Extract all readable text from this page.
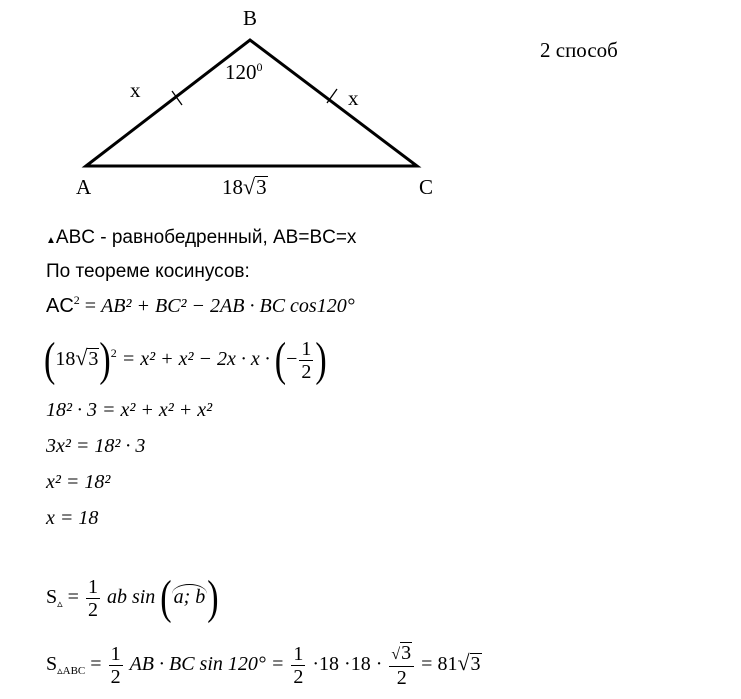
B
A	C
$120^0$
x	x
18√3
2 способ
▲ABC - равнобедренный, AB=BC=x
По теореме косинусов:
$AC^2 = AB^2 + BC^2 - 2AB$ · BC cos120°
$(18√3)^2 = x^2 + x^2 - 2x \cdot x$ · (− $\frac{1}{2}$ )
18² · 3 = x² + x² + x²
3x² = 18² · 3
x² = 18²
x = 18
$S_▵ = \frac{1}{2}$ ab sin ( a; b)
$S_{▵ABC} = \frac{1}{2}$ AB · BC $\sin 120^\circ = \frac{1}{2} \cdot 18 \cdot 18 \cdot \frac{√3}{2} = 81√3$
